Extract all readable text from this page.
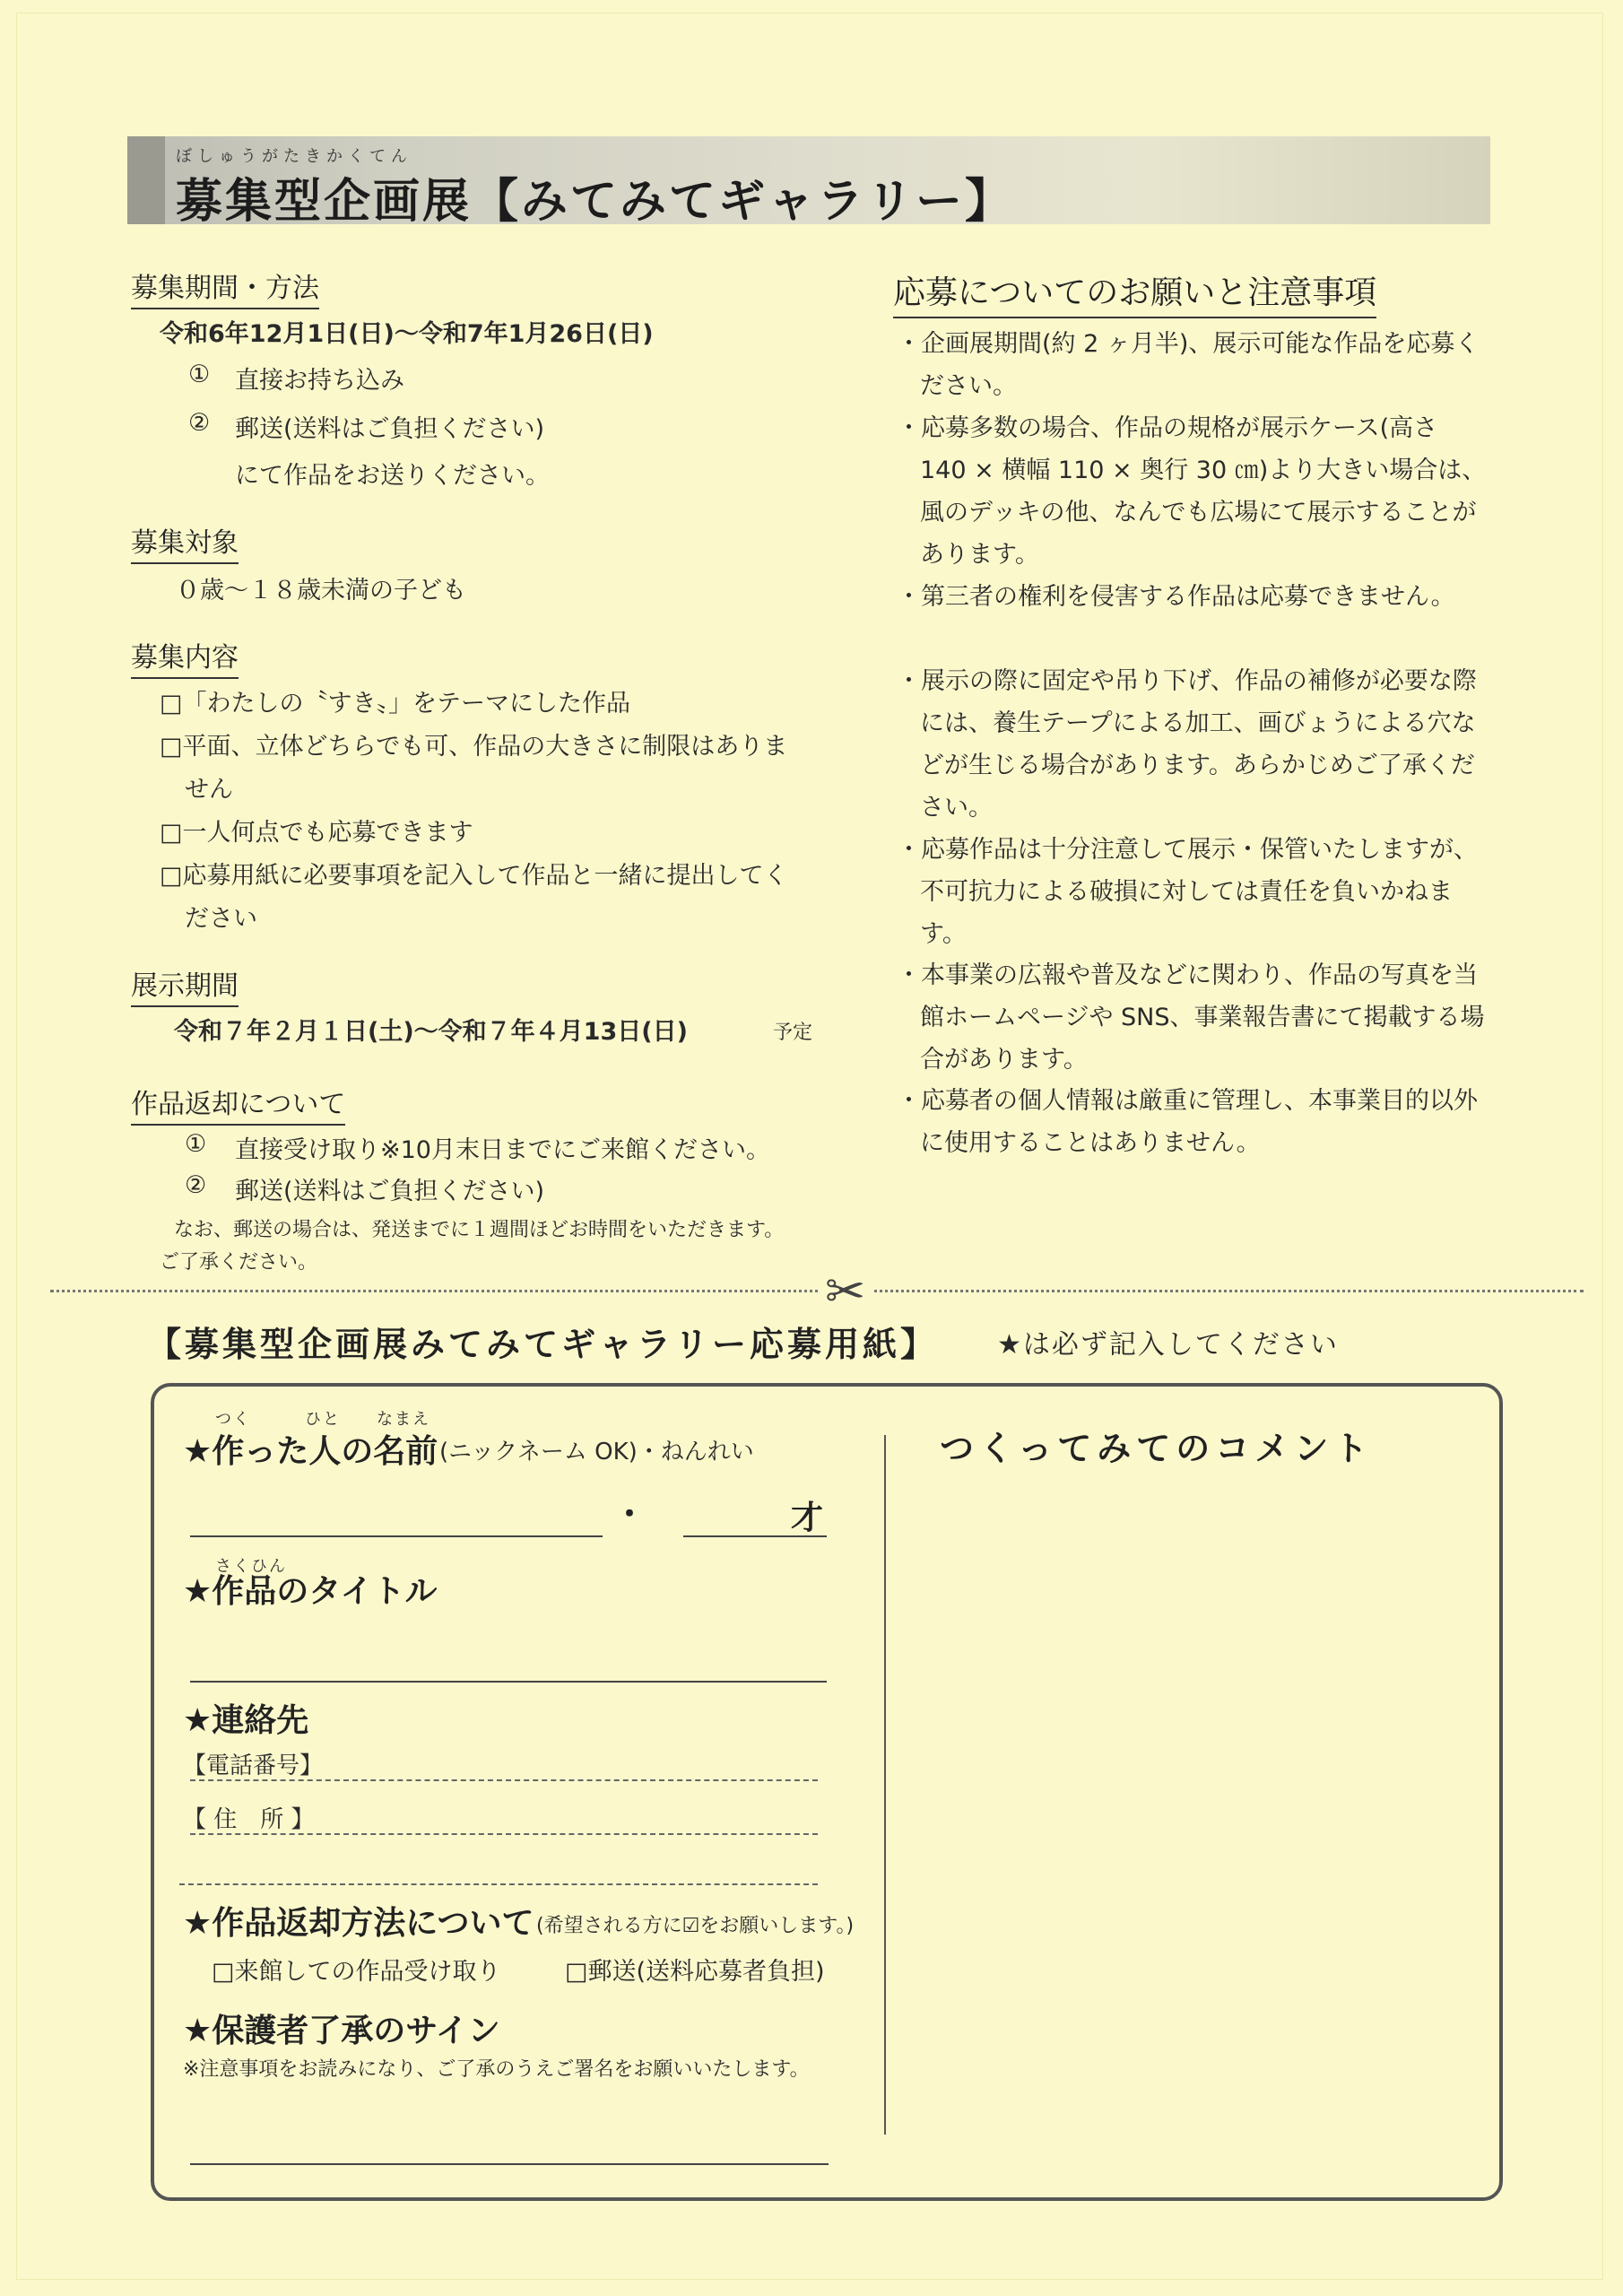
ぼしゅうがたきかくてん
募集型企画展【みてみてギャラリー】
募集期間・方法
令和6年12月1日(日)〜令和7年1月26日(日)
① 直接お持ち込み
② 郵送(送料はご負担ください)
にて作品をお送りください。
募集対象
０歳〜１８歳未満の子ども
募集内容
□「わたしの〝すき〟」をテーマにした作品
□平面、立体どちらでも可、作品の大きさに制限はありま
せん
□一人何点でも応募できます
□応募用紙に必要事項を記入して作品と一緒に提出してく
ださい
展示期間
令和７年２月１日(土)〜令和７年４月13日(日)	予定
作品返却について
① 直接受け取り※10月末日までにご来館ください。
② 郵送(送料はご負担ください)
なお、郵送の場合は、発送までに１週間ほどお時間をいただきます。
ご了承ください。
応募についてのお願いと注意事項
・企画展期間(約 2 ヶ月半)、展示可能な作品を応募ください。
・応募多数の場合、作品の規格が展示ケース(高さ 140 × 横幅 110 × 奥行 30 ㎝)より大きい場合は、風のデッキの他、なんでも広場にて展示することがあります。
・第三者の権利を侵害する作品は応募できません。
・展示の際に固定や吊り下げ、作品の補修が必要な際には、養生テープによる加工、画びょうによる穴などが生じる場合があります。あらかじめご了承ください。
・応募作品は十分注意して展示・保管いたしますが、不可抗力による破損に対しては責任を負いかねます。
・本事業の広報や普及などに関わり、作品の写真を当館ホームページや SNS、事業報告書にて掲載する場合があります。
・応募者の個人情報は厳重に管理し、本事業目的以外に使用することはありません。
✂
【募集型企画展みてみてギャラリー応募用紙】 ★は必ず記入してください
つく　　　ひと　　なまえ
★作った人の名前 (ニックネーム OK)・ねんれい
・	才
さくひん
★作品のタイトル
★連絡先
【電話番号】
【 住　所 】
★作品返却方法について (希望される方に☑をお願いします。)
□来館しての作品受け取り	□郵送(送料応募者負担)
★保護者了承のサイン
※注意事項をお読みになり、ご了承のうえご署名をお願いいたします。
つくってみてのコメント
